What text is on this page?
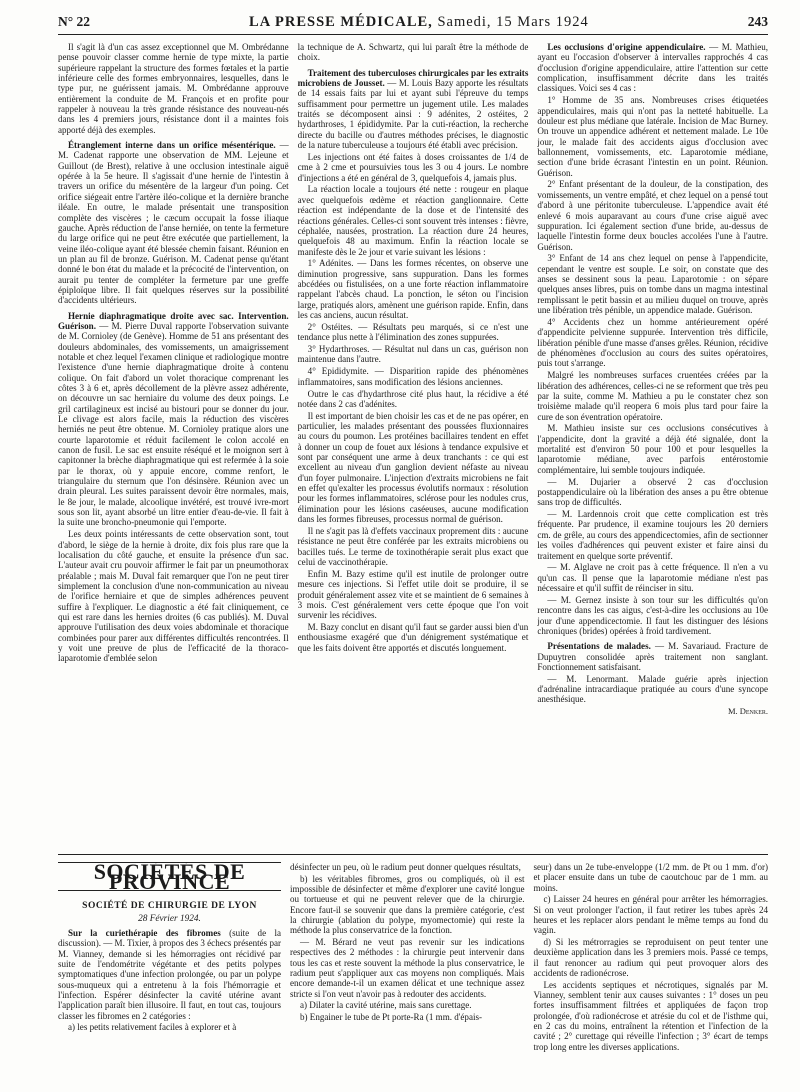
N° 22	LA PRESSE MÉDICALE, Samedi, 15 Mars 1924	243

Il s'agit là d'un cas assez exceptionnel que M. Ombrédanne pense pouvoir classer comme hernie de type mixte, la partie supérieure rappelant la structure des formes fœtales et la partie inférieure celle des formes embryonnaires, lesquelles, dans le type pur, ne guérissent jamais. M. Ombrédanne approuve entièrement la conduite de M. François et en profite pour rappeler à nouveau la très grande résistance des nouveau-nés dans les 4 premiers jours, résistance dont il a maintes fois apporté déjà des exemples.

Étranglement interne dans un orifice mésentérique. — M. Cadenat rapporte une observation de MM. Lejeune et Guillout (de Brest), relative à une occlusion intestinale aiguë opérée à la 5e heure. Il s'agissait d'une hernie de l'intestin à travers un orifice du mésentère de la largeur d'un poing. Cet orifice siégeait entre l'artère iléo-colique et la dernière branche iléale. En outre, le malade présentait une transposition complète des viscères ; le cæcum occupait la fosse iliaque gauche. Après réduction de l'anse herniée, on tente la fermeture du large orifice qui ne peut être exécutée que partiellement, la veine iléo-colique ayant été blessée chemin faisant. Réunion en un plan au fil de bronze. Guérison. M. Cadenat pense qu'étant donné le bon état du malade et la précocité de l'intervention, on aurait pu tenter de compléter la fermeture par une greffe épiploïque libre. Il fait quelques réserves sur la possibilité d'accidents ultérieurs.

Hernie diaphragmatique droite avec sac. Intervention. Guérison. — M. Pierre Duval rapporte l'observation suivante de M. Cornioley (de Genève). Homme de 51 ans présentant des douleurs abdominales, des vomissements, un amaigrissement notable et chez lequel l'examen clinique et radiologique montre l'existence d'une hernie diaphragmatique droite à contenu colique. On fait d'abord un volet thoracique comprenant les côtes 3 à 6 et, après décollement de la plèvre assez adhérente, on découvre un sac herniaire du volume des deux poings. Le gril cartilagineux est incisé au bistouri pour se donner du jour. Le clivage est alors facile, mais la réduction des viscères herniés ne peut être obtenue. M. Cornioley pratique alors une courte laparotomie et réduit facilement le colon accolé en canon de fusil. Le sac est ensuite réséqué et le moignon sert à capitonner la brèche diaphragmatique qui est refermée à la soie par le thorax, où y appuie encore, comme renfort, le triangulaire du sternum que l'on désinsère. Réunion avec un drain pleural. Les suites paraissent devoir être normales, mais, le 8e jour, le malade, alcoolique invétéré, est trouvé ivre-mort sous son lit, ayant absorbé un litre entier d'eau-de-vie. Il fait à la suite une broncho-pneumonie qui l'emporte.

Les deux points intéressants de cette observation sont, tout d'abord, le siège de la hernie à droite, dix fois plus rare que la localisation du côté gauche, et ensuite la présence d'un sac. L'auteur avait cru pouvoir affirmer le fait par un pneumothorax préalable ; mais M. Duval fait remarquer que l'on ne peut tirer simplement la conclusion d'une non-communication au niveau de l'orifice herniaire et que de simples adhérences peuvent suffire à l'expliquer. Le diagnostic a été fait cliniquement, ce qui est rare dans les hernies droites (6 cas publiés). M. Duval approuve l'utilisation des deux voies abdominale et thoracique combinées pour parer aux différentes difficultés rencontrées. Il y voit une preuve de plus de l'efficacité de la thoraco-laparotomie d'emblée selon

la technique de A. Schwartz, qui lui paraît être la méthode de choix.

Traitement des tuberculoses chirurgicales par les extraits microbiens de Jousset. — M. Louis Bazy apporte les résultats de 14 essais faits par lui et ayant subi l'épreuve du temps suffisamment pour permettre un jugement utile. Les malades traités se décomposent ainsi : 9 adénites, 2 ostéites, 2 hydarthroses, 1 épididymite. Par la cuti-réaction, la recherche directe du bacille ou d'autres méthodes précises, le diagnostic de la nature tuberculeuse a toujours été établi avec précision.

Les injections ont été faites à doses croissantes de 1/4 de cme à 2 cme et poursuivies tous les 3 ou 4 jours. Le nombre d'injections a été en général de 3, quelquefois 4, jamais plus.

La réaction locale a toujours été nette : rougeur en plaque avec quelquefois œdème et réaction ganglionnaire. Cette réaction est indépendante de la dose et de l'intensité des réactions générales. Celles-ci sont souvent très intenses : fièvre, céphalée, nausées, prostration. La réaction dure 24 heures, quelquefois 48 au maximum. Enfin la réaction locale se manifeste dès le 2e jour et varie suivant les lésions :

1° Adénites. — Dans les formes récentes, on observe une diminution progressive, sans suppuration. Dans les formes abcédées ou fistulisées, on a une forte réaction inflammatoire rappelant l'abcès chaud. La ponction, le séton ou l'incision large, pratiqués alors, amènent une guérison rapide. Enfin, dans les cas anciens, aucun résultat.

2° Ostéites. — Résultats peu marqués, si ce n'est une tendance plus nette à l'élimination des zones suppurées.

3° Hydarthroses. — Résultat nul dans un cas, guérison non maintenue dans l'autre.

4° Epididymite. — Disparition rapide des phénomènes inflammatoires, sans modification des lésions anciennes.

Outre le cas d'hydarthrose cité plus haut, la récidive a été notée dans 2 cas d'adénites.

Il est important de bien choisir les cas et de ne pas opérer, en particulier, les malades présentant des poussées fluxionnaires au cours du poumon. Les protéines bacillaires tendent en effet à donner un coup de fouet aux lésions à tendance expulsive et sont par conséquent une arme à deux tranchants : ce qui est excellent au niveau d'un ganglion devient néfaste au niveau d'un foyer pulmonaire. L'injection d'extraits microbiens ne fait en effet qu'exalter les processus évolutifs normaux : résolution pour les formes inflammatoires, sclérose pour les nodules crus, élimination pour les lésions caséeuses, aucune modification dans les formes fibreuses, processus normal de guérison.

Il ne s'agit pas là d'effets vaccinaux proprement dits : aucune résistance ne peut être conférée par les extraits microbiens ou bacilles tués. Le terme de toxinothérapie serait plus exact que celui de vaccinothérapie.

Enfin M. Bazy estime qu'il est inutile de prolonger outre mesure ces injections. Si l'effet utile doit se produire, il se produit généralement assez vite et se maintient de 6 semaines à 3 mois. C'est généralement vers cette époque que l'on voit survenir les récidives.

M. Bazy conclut en disant qu'il faut se garder aussi bien d'un enthousiasme exagéré que d'un dénigrement systématique et que les faits doivent être apportés et discutés longuement.

Les occlusions d'origine appendiculaire. — M. Mathieu, ayant eu l'occasion d'observer à intervalles rapprochés 4 cas d'occlusion d'origine appendiculaire, attire l'attention sur cette complication, insuffisamment décrite dans les traités classiques. Voici ses 4 cas :

1° Homme de 35 ans. Nombreuses crises étiquetées appendiculaires, mais qui n'ont pas la netteté habituelle. La douleur est plus médiane que latérale. Incision de Mac Burney. On trouve un appendice adhérent et nettement malade. Le 10e jour, le malade fait des accidents aigus d'occlusion avec ballonnement, vomissements, etc. Laparotomie médiane, section d'une bride écrasant l'intestin en un point. Réunion. Guérison.

2° Enfant présentant de la douleur, de la constipation, des vomissements, un ventre empâté, et chez lequel on a pensé tout d'abord à une péritonite tuberculeuse. L'appendice avait été enlevé 6 mois auparavant au cours d'une crise aiguë avec suppuration. Ici également section d'une bride, au-dessus de laquelle l'intestin forme deux boucles accolées l'une à l'autre. Guérison.

3° Enfant de 14 ans chez lequel on pense à l'appendicite, cependant le ventre est souple. Le soir, on constate que des anses se dessinent sous la peau. Laparotomie : on sépare quelques anses libres, puis on tombe dans un magma intestinal remplissant le petit bassin et au milieu duquel on trouve, après une libération très pénible, un appendice malade. Guérison.

4° Accidents chez un homme antérieurement opéré d'appendicite pelvienne suppurée. Intervention très difficile, libération pénible d'une masse d'anses grêles. Réunion, récidive de phénomènes d'occlusion au cours des suites opératoires, puis tout s'arrange.

Malgré les nombreuses surfaces cruentées créées par la libération des adhérences, celles-ci ne se reforment que très peu par la suite, comme M. Mathieu a pu le constater chez son troisième malade qu'il reopera 6 mois plus tard pour faire la cure de son éventration opératoire.

M. Mathieu insiste sur ces occlusions consécutives à l'appendicite, dont la gravité a déjà été signalée, dont la mortalité est d'environ 50 pour 100 et pour lesquelles la laparotomie médiane, avec parfois entérostomie complémentaire, lui semble toujours indiquée.

— M. Dujarier a observé 2 cas d'occlusion postappendiculaire où la libération des anses a pu être obtenue sans trop de difficultés.

— M. Lardennois croit que cette complication est très fréquente. Par prudence, il examine toujours les 20 derniers cm. de grêle, au cours des appendicectomies, afin de sectionner les voiles d'adhérences qui peuvent exister et faire ainsi du traitement en quelque sorte préventif.

— M. Alglave ne croit pas à cette fréquence. Il n'en a vu qu'un cas. Il pense que la laparotomie médiane n'est pas nécessaire et qu'il suffit de réinciser in situ.

— M. Gernez insiste à son tour sur les difficultés qu'on rencontre dans les cas aigus, c'est-à-dire les occlusions au 10e jour d'une appendicectomie. Il faut les distinguer des lésions chroniques (brides) opérées à froid tardivement.

Présentations de malades. — M. Savariaud. Fracture de Dupuytren consolidée après traitement non sanglant. Fonctionnement satisfaisant.

— M. Lenormant. Malade guérie après injection d'adrénaline intracardiaque pratiquée au cours d'une syncope anesthésique.

M. Denker.
SOCIÉTÉS DE PROVINCE
SOCIÉTÉ DE CHIRURGIE DE LYON
28 Février 1924.

Sur la curiethérapie des fibromes (suite de la discussion). — M. Tixier, à propos des 3 échecs présentés par M. Vianney, demande si les hémorragies ont récidivé par suite de l'endométrite végétante et des petits polypes symptomatiques d'une infection prolongée, ou par un polype sous-muqueux qui a entretenu à la fois l'hémorragie et l'infection. Espérer désinfecter la cavité utérine avant l'application paraît bien illusoire. Il faut, en tout cas, toujours classer les fibromes en 2 catégories :

a) les petits relativement faciles à explorer et à

désinfecter un peu, où le radium peut donner quelques résultats,

b) les véritables fibromes, gros ou compliqués, où il est impossible de désinfecter et même d'explorer une cavité longue ou tortueuse et qui ne peuvent relever que de la chirurgie. Encore faut-il se souvenir que dans la première catégorie, c'est la chirurgie (ablation du polype, myomectomie) qui reste la méthode la plus conservatrice de la fonction.

— M. Bérard ne veut pas revenir sur les indications respectives des 2 méthodes : la chirurgie peut intervenir dans tous les cas et reste souvent la méthode la plus conservatrice, le radium peut s'appliquer aux cas moyens non compliqués. Mais encore demande-t-il un examen délicat et une technique assez stricte si l'on veut n'avoir pas à redouter des accidents.

a) Dilater la cavité utérine, mais sans curettage.

b) Engainer le tube de Pt porte-Ra (1 mm. d'épais-

seur) dans un 2e tube-enveloppe (1/2 mm. de Pt ou 1 mm. d'or) et placer ensuite dans un tube de caoutchouc par de 1 mm. au moins.

c) Laisser 24 heures en général pour arrêter les hémorragies. Si on veut prolonger l'action, il faut retirer les tubes après 24 heures et les replacer alors pendant le même temps au fond du vagin.

d) Si les métrorragies se reproduisent on peut tenter une deuxième application dans les 3 premiers mois. Passé ce temps, il faut renoncer au radium qui peut provoquer alors des accidents de radionécrose.

Les accidents septiques et nécrotiques, signalés par M. Vianney, semblent tenir aux causes suivantes : 1° doses un peu fortes insuffisamment filtrées et appliquées de façon trop prolongée, d'où radionécrose et atrésie du col et de l'isthme qui, en 2 cas du moins, entraînent la rétention et l'infection de la cavité ; 2° curettage qui réveille l'infection ; 3° écart de temps trop long entre les diverses applications.
